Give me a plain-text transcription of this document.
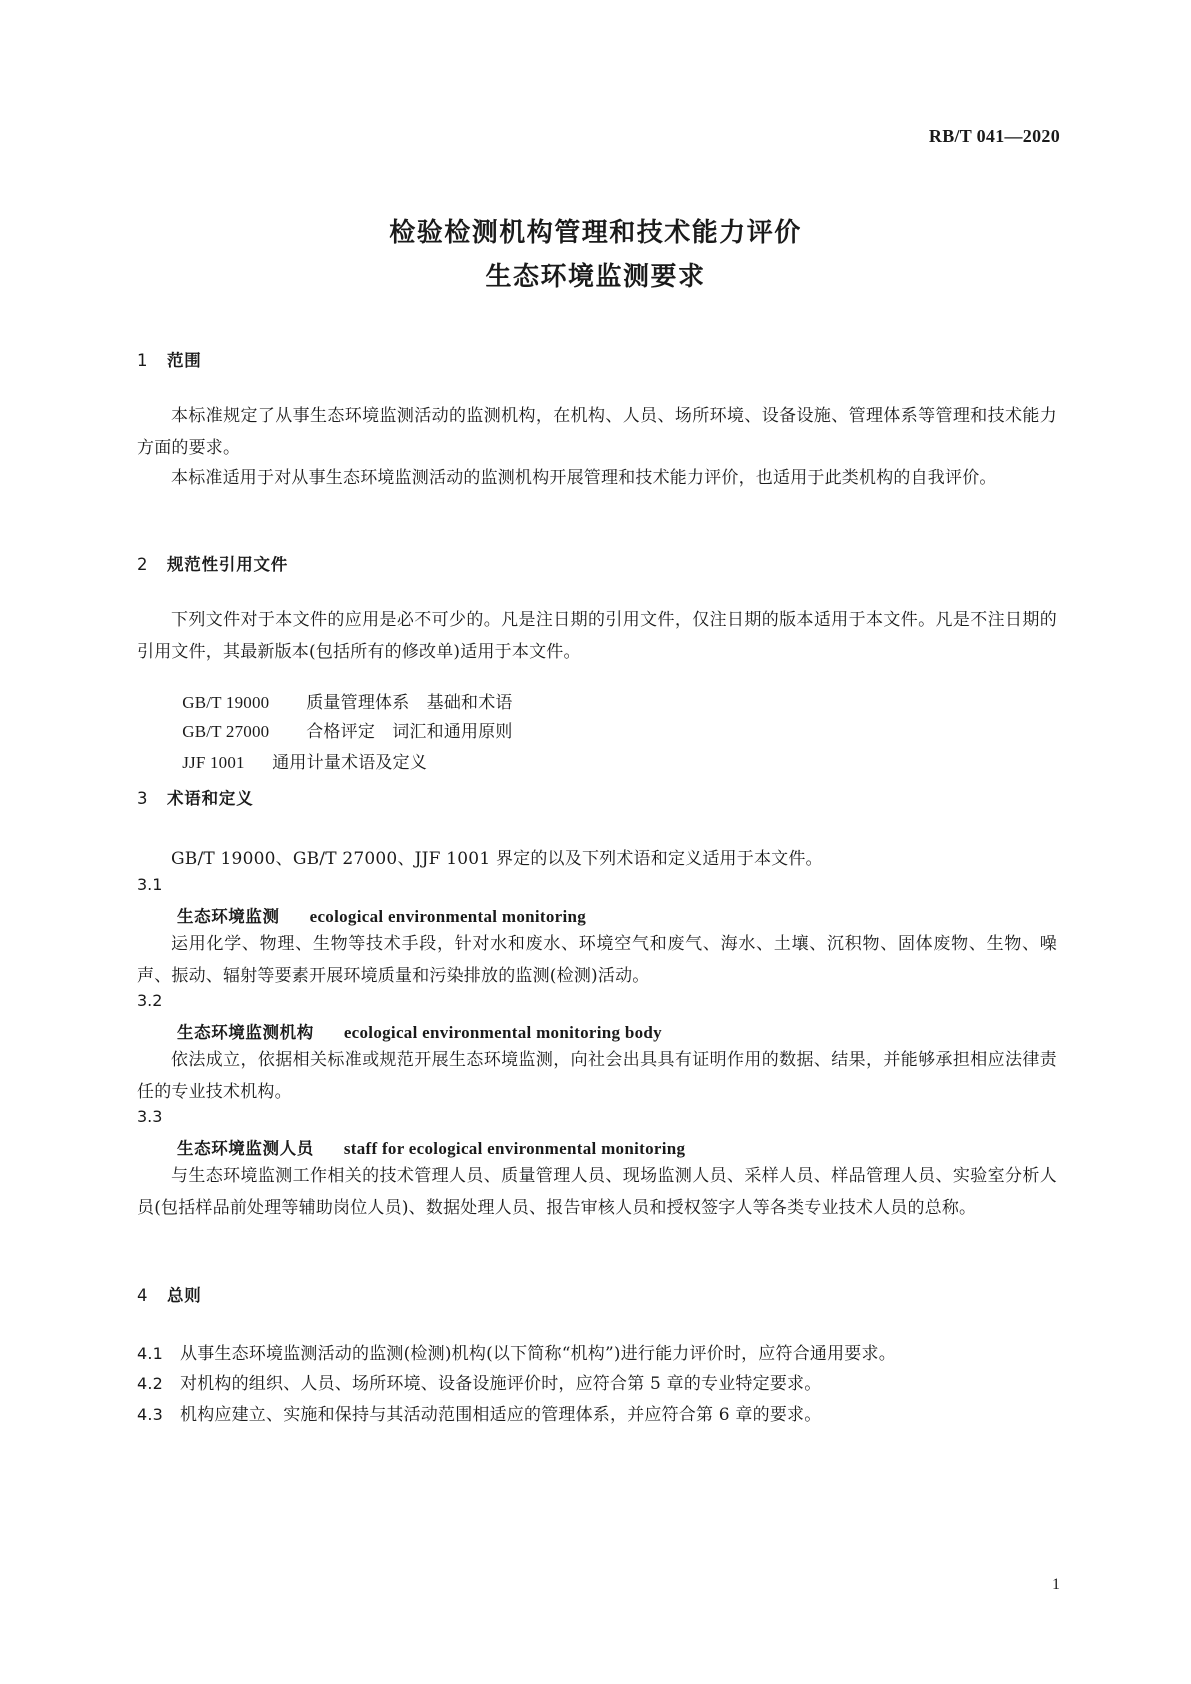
RB/T 041—2020
检验检测机构管理和技术能力评价
生态环境监测要求
1 范围
本标准规定了从事生态环境监测活动的监测机构，在机构、人员、场所环境、设备设施、管理体系等管理和技术能力方面的要求。
本标准适用于对从事生态环境监测活动的监测机构开展管理和技术能力评价，也适用于此类机构的自我评价。
2 规范性引用文件
下列文件对于本文件的应用是必不可少的。凡是注日期的引用文件，仅注日期的版本适用于本文件。凡是不注日期的引用文件，其最新版本(包括所有的修改单)适用于本文件。

GB/T 19000 质量管理体系　基础和术语

GB/T 27000 合格评定　词汇和通用原则

JJF 1001 通用计量术语及定义

3 术语和定义
GB/T 19000、GB/T 27000、JJF 1001 界定的以及下列术语和定义适用于本文件。
3.1
生态环境监测 ecological environmental monitoring
运用化学、物理、生物等技术手段，针对水和废水、环境空气和废气、海水、土壤、沉积物、固体废物、生物、噪声、振动、辐射等要素开展环境质量和污染排放的监测(检测)活动。
3.2
生态环境监测机构 ecological environmental monitoring body
依法成立，依据相关标准或规范开展生态环境监测，向社会出具具有证明作用的数据、结果，并能够承担相应法律责任的专业技术机构。
3.3
生态环境监测人员 staff for ecological environmental monitoring
与生态环境监测工作相关的技术管理人员、质量管理人员、现场监测人员、采样人员、样品管理人员、实验室分析人员(包括样品前处理等辅助岗位人员)、数据处理人员、报告审核人员和授权签字人等各类专业技术人员的总称。
4 总则
4.1 从事生态环境监测活动的监测(检测)机构(以下简称“机构”)进行能力评价时，应符合通用要求。
4.2 对机构的组织、人员、场所环境、设备设施评价时，应符合第 5 章的专业特定要求。
4.3 机构应建立、实施和保持与其活动范围相适应的管理体系，并应符合第 6 章的要求。
1
